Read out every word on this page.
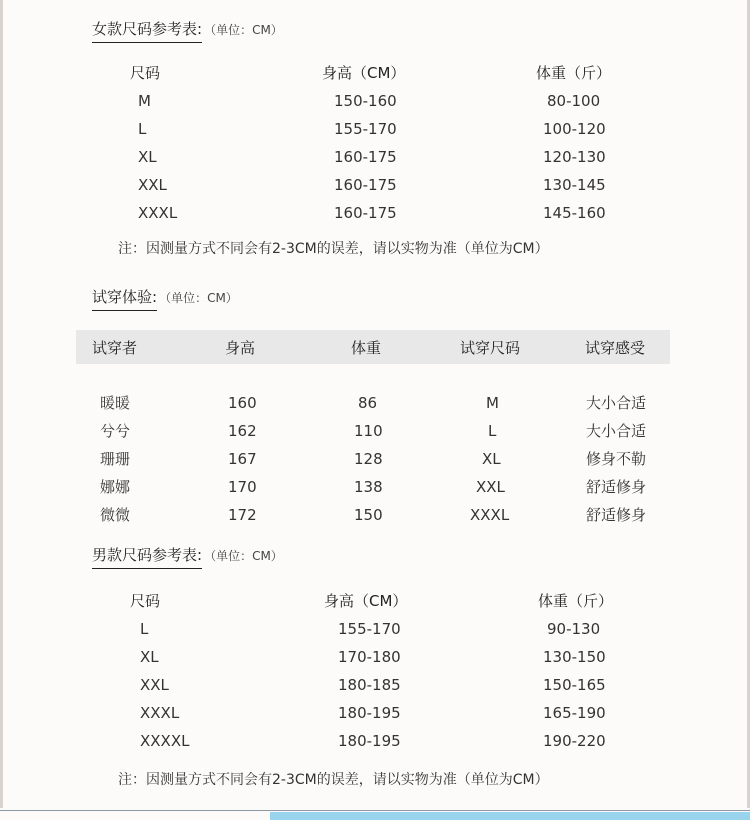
女款尺码参考表: （单位：CM）
尺码	身高（CM）	体重（斤）
M	150-160	80-100
L	155-170	100-120
XL	160-175	120-130
XXL	160-175	130-145
XXXL	160-175	145-160
注：因测量方式不同会有2-3CM的误差，请以实物为准（单位为CM）
试穿体验: （单位：CM）
试穿者	身高	体重	试穿尺码	试穿感受
暖暖	160	86	M	大小合适
兮兮	162	110	L	大小合适
珊珊	167	128	XL	修身不勒
娜娜	170	138	XXL	舒适修身
微微	172	150	XXXL	舒适修身
男款尺码参考表: （单位：CM）
尺码	身高（CM）	体重（斤）
L	155-170	90-130
XL	170-180	130-150
XXL	180-185	150-165
XXXL	180-195	165-190
XXXXL	180-195	190-220
注：因测量方式不同会有2-3CM的误差，请以实物为准（单位为CM）
